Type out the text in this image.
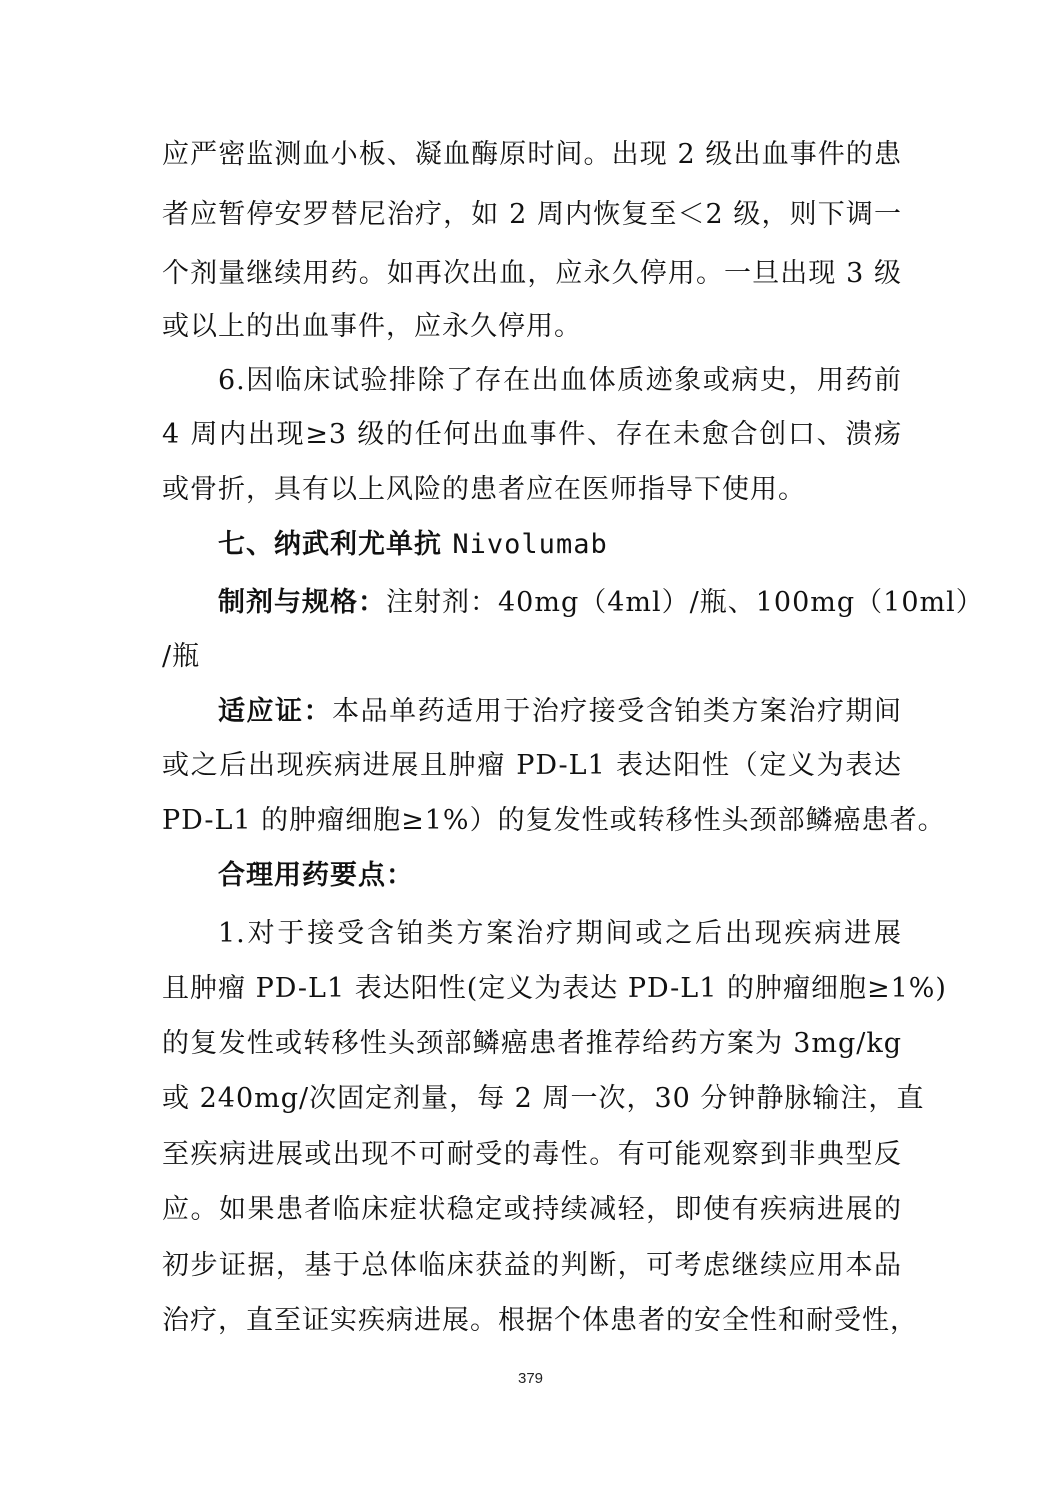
应严密监测血小板、凝血酶原时间。出现 2 级出血事件的患
者应暂停安罗替尼治疗，如 2 周内恢复至＜2 级，则下调一
个剂量继续用药。如再次出血，应永久停用。一旦出现 3 级
或以上的出血事件，应永久停用。
6.因临床试验排除了存在出血体质迹象或病史，用药前
4 周内出现≥3 级的任何出血事件、存在未愈合创口、溃疡
或骨折，具有以上风险的患者应在医师指导下使用。
七、纳武利尤单抗 Nivolumab
制剂与规格：注射剂：40mg（4ml）/瓶、100mg（10ml）
/瓶
适应证：本品单药适用于治疗接受含铂类方案治疗期间
或之后出现疾病进展且肿瘤 PD-L1 表达阳性（定义为表达
PD-L1 的肿瘤细胞≥1%）的复发性或转移性头颈部鳞癌患者。
合理用药要点：
1.对于接受含铂类方案治疗期间或之后出现疾病进展
且肿瘤 PD-L1 表达阳性(定义为表达 PD-L1 的肿瘤细胞≥1%)
的复发性或转移性头颈部鳞癌患者推荐给药方案为 3mg/kg
或 240mg/次固定剂量，每 2 周一次，30 分钟静脉输注，直
至疾病进展或出现不可耐受的毒性。有可能观察到非典型反
应。如果患者临床症状稳定或持续减轻，即使有疾病进展的
初步证据，基于总体临床获益的判断，可考虑继续应用本品
治疗，直至证实疾病进展。根据个体患者的安全性和耐受性，
379
